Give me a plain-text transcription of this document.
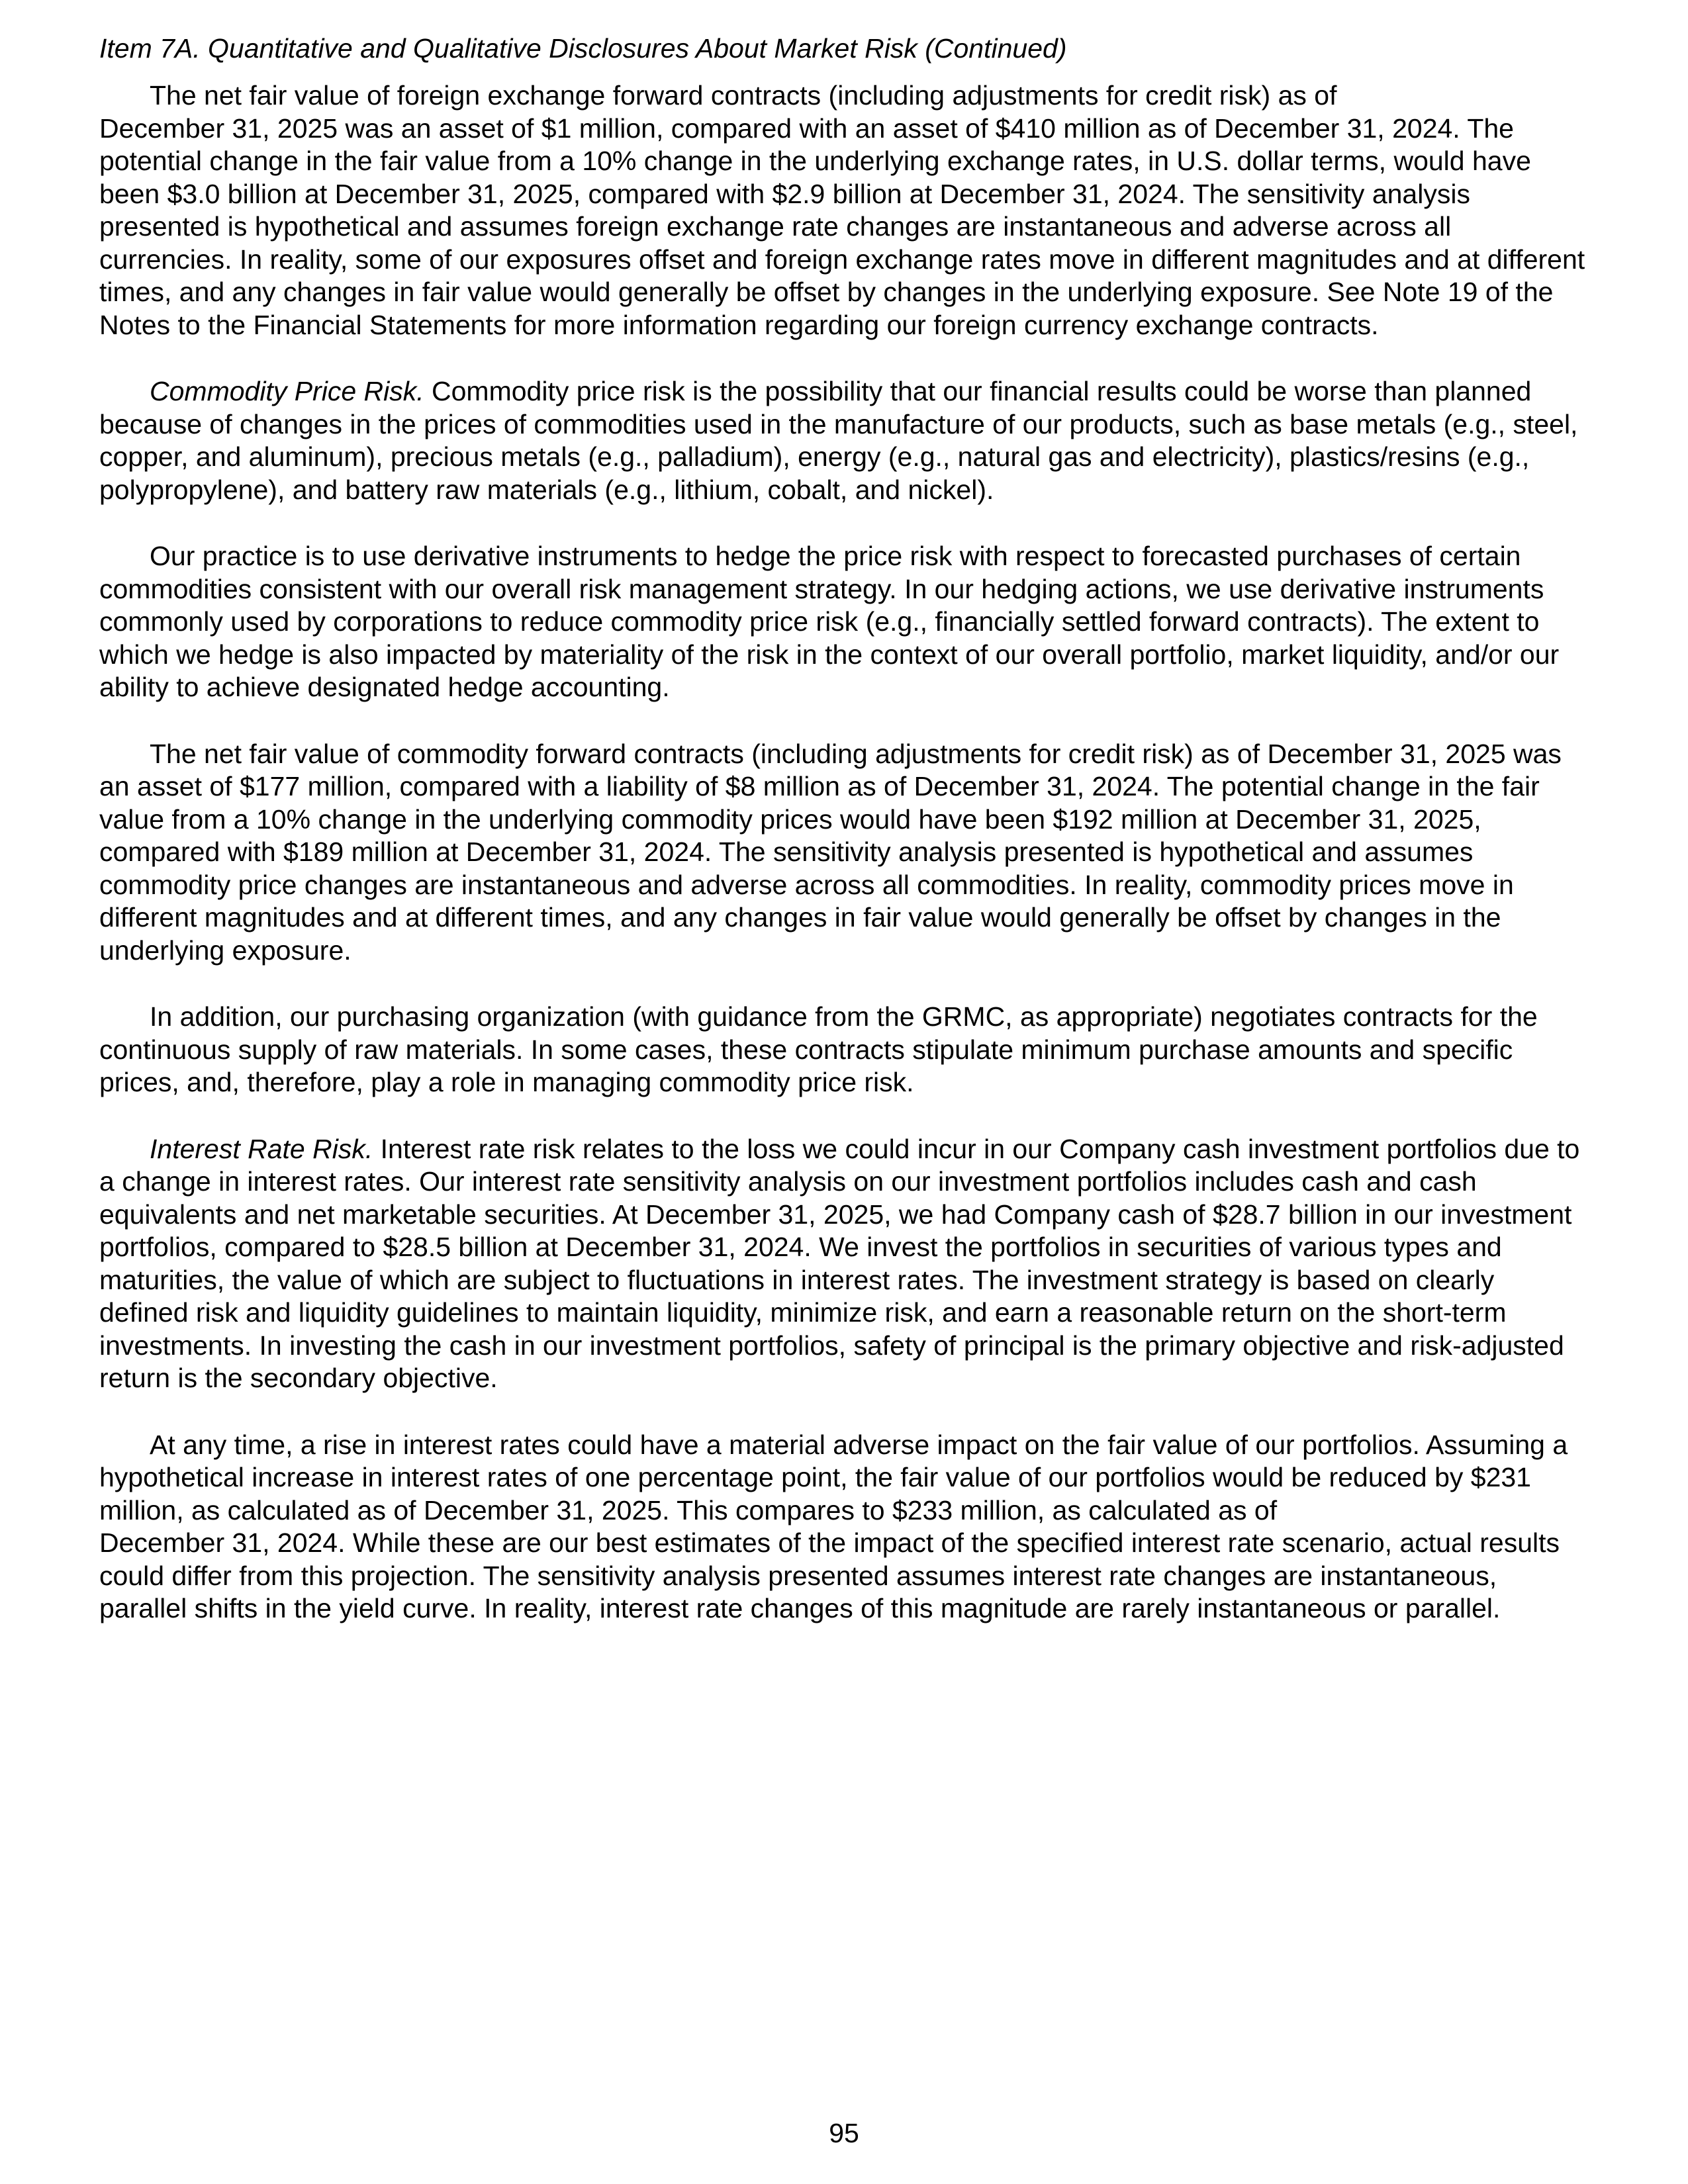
Item 7A. Quantitative and Qualitative Disclosures About Market Risk (Continued)

The net fair value of foreign exchange forward contracts (including adjustments for credit risk) as of
December 31, 2025 was an asset of $1 million, compared with an asset of $410 million as of December 31, 2024. The potential change in the fair value from a 10% change in the underlying exchange rates, in U.S. dollar terms, would have been $3.0 billion at December 31, 2025, compared with $2.9 billion at December 31, 2024. The sensitivity analysis presented is hypothetical and assumes foreign exchange rate changes are instantaneous and adverse across all currencies. In reality, some of our exposures offset and foreign exchange rates move in different magnitudes and at different times, and any changes in fair value would generally be offset by changes in the underlying exposure. See Note 19 of the Notes to the Financial Statements for more information regarding our foreign currency exchange contracts.

Commodity Price Risk. Commodity price risk is the possibility that our financial results could be worse than planned because of changes in the prices of commodities used in the manufacture of our products, such as base metals (e.g., steel, copper, and aluminum), precious metals (e.g., palladium), energy (e.g., natural gas and electricity), plastics/resins (e.g., polypropylene), and battery raw materials (e.g., lithium, cobalt, and nickel).

Our practice is to use derivative instruments to hedge the price risk with respect to forecasted purchases of certain commodities consistent with our overall risk management strategy. In our hedging actions, we use derivative instruments commonly used by corporations to reduce commodity price risk (e.g., financially settled forward contracts). The extent to which we hedge is also impacted by materiality of the risk in the context of our overall portfolio, market liquidity, and/or our ability to achieve designated hedge accounting.

The net fair value of commodity forward contracts (including adjustments for credit risk) as of December 31, 2025 was an asset of $177 million, compared with a liability of $8 million as of December 31, 2024. The potential change in the fair value from a 10% change in the underlying commodity prices would have been $192 million at December 31, 2025, compared with $189 million at December 31, 2024. The sensitivity analysis presented is hypothetical and assumes commodity price changes are instantaneous and adverse across all commodities. In reality, commodity prices move in different magnitudes and at different times, and any changes in fair value would generally be offset by changes in the underlying exposure.

In addition, our purchasing organization (with guidance from the GRMC, as appropriate) negotiates contracts for the continuous supply of raw materials. In some cases, these contracts stipulate minimum purchase amounts and specific prices, and, therefore, play a role in managing commodity price risk.

Interest Rate Risk. Interest rate risk relates to the loss we could incur in our Company cash investment portfolios due to a change in interest rates. Our interest rate sensitivity analysis on our investment portfolios includes cash and cash equivalents and net marketable securities. At December 31, 2025, we had Company cash of $28.7 billion in our investment portfolios, compared to $28.5 billion at December 31, 2024. We invest the portfolios in securities of various types and maturities, the value of which are subject to fluctuations in interest rates. The investment strategy is based on clearly defined risk and liquidity guidelines to maintain liquidity, minimize risk, and earn a reasonable return on the short-term investments. In investing the cash in our investment portfolios, safety of principal is the primary objective and risk-adjusted return is the secondary objective.

At any time, a rise in interest rates could have a material adverse impact on the fair value of our portfolios. Assuming a hypothetical increase in interest rates of one percentage point, the fair value of our portfolios would be reduced by $231 million, as calculated as of December 31, 2025. This compares to $233 million, as calculated as of
December 31, 2024. While these are our best estimates of the impact of the specified interest rate scenario, actual results could differ from this projection. The sensitivity analysis presented assumes interest rate changes are instantaneous, parallel shifts in the yield curve. In reality, interest rate changes of this magnitude are rarely instantaneous or parallel.

95
